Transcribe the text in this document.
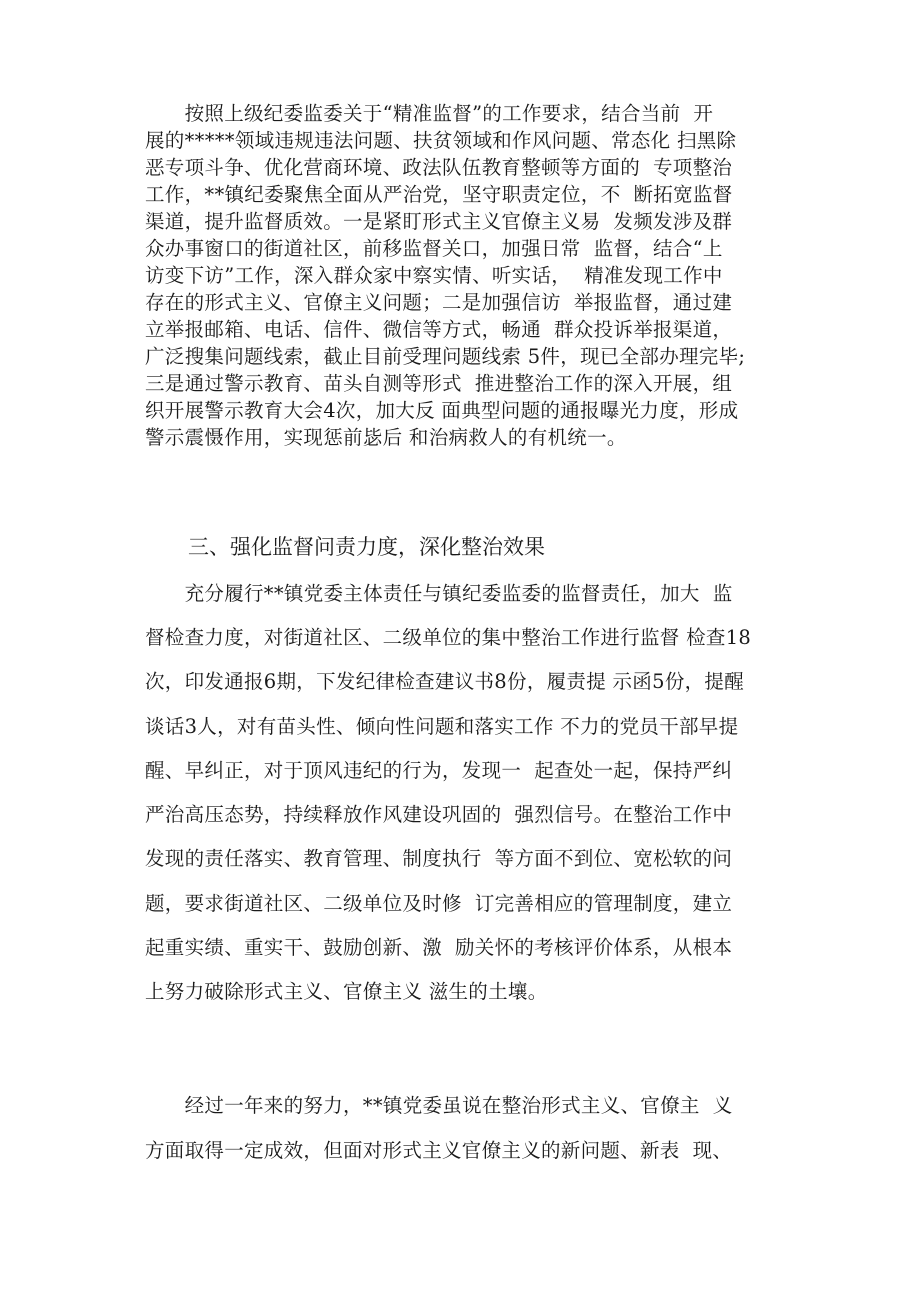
　　按照上级纪委监委关于“精准监督”的工作要求，结合当前  开
展的*****领域违规违法问题、扶贫领域和作风问题、常态化 扫黑除
恶专项斗争、优化营商环境、政法队伍教育整顿等方面的  专项整治
工作，**镇纪委聚焦全面从严治党，坚守职责定位，不  断拓宽监督
渠道，提升监督质效。一是紧盯形式主义官僚主义易  发频发涉及群
众办事窗口的街道社区，前移监督关口，加强日常  监督，结合“上
访变下访”工作，深入群众家中察实情、听实话，  精准发现工作中
存在的形式主义、官僚主义问题；二是加强信访  举报监督，通过建
立举报邮箱、电话、信件、微信等方式，畅通  群众投诉举报渠道，
广泛搜集问题线索，截止目前受理问题线索 5件，现已全部办理完毕;
三是通过警示教育、苗头自测等形式  推进整治工作的深入开展，组
织开展警示教育大会4次，加大反 面典型问题的通报曝光力度，形成
警示震慑作用，实现惩前毖后 和治病救人的有机统一。
三、强化监督问责力度，深化整治效果
　　充分履行**镇党委主体责任与镇纪委监委的监督责任，加大  监
督检查力度，对街道社区、二级单位的集中整治工作进行监督 检查18
次，印发通报6期，下发纪律检查建议书8份，履责提 示函5份，提醒
谈话3人，对有苗头性、倾向性问题和落实工作 不力的党员干部早提
醒、早纠正，对于顶风违纪的行为，发现一  起查处一起，保持严纠
严治高压态势，持续释放作风建设巩固的  强烈信号。在整治工作中
发现的责任落实、教育管理、制度执行  等方面不到位、宽松软的问
题，要求街道社区、二级单位及时修  订完善相应的管理制度，建立
起重实绩、重实干、鼓励创新、激  励关怀的考核评价体系，从根本
上努力破除形式主义、官僚主义 滋生的土壤。
　　经过一年来的努力，**镇党委虽说在整治形式主义、官僚主  义
方面取得一定成效，但面对形式主义官僚主义的新问题、新表  现、
